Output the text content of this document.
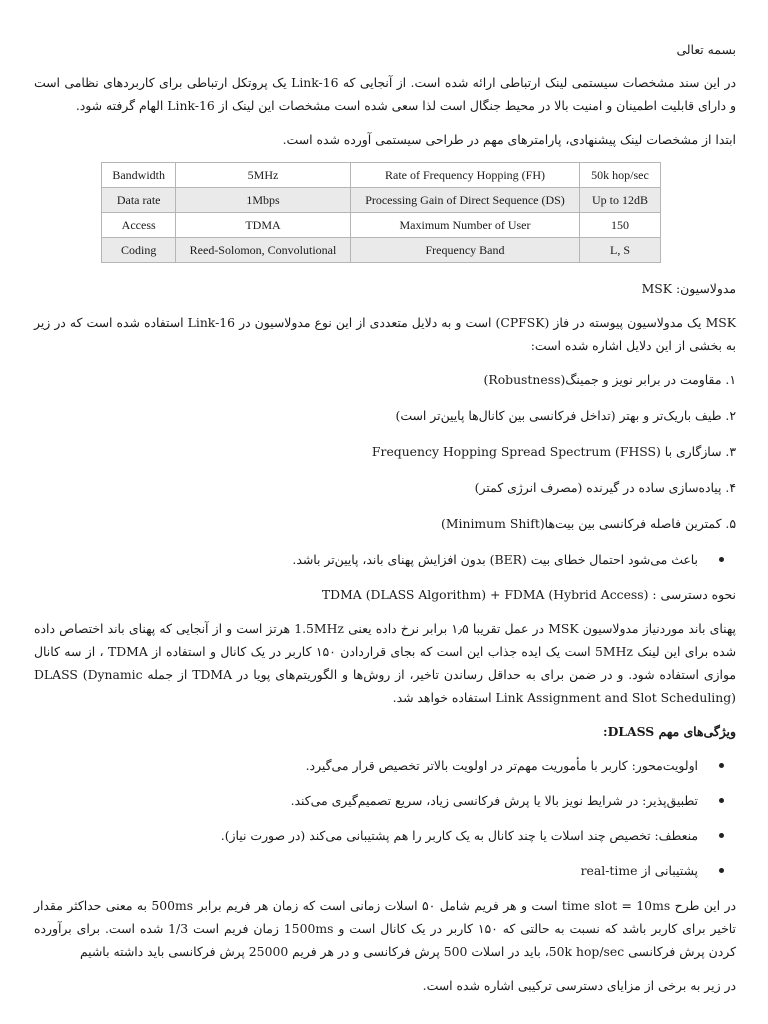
بسمه تعالی

در این سند مشخصات سیستمی لینک ارتباطی ارائه شده است. از آنجایی که Link-16 یک پروتکل ارتباطی برای کاربردهای نظامی است و دارای قابلیت اطمینان و امنیت بالا در محیط جنگال است لذا سعی شده است مشخصات این لینک از Link-16 الهام گرفته شود.

ابتدا از مشخصات لینک پیشنهادی، پارامترهای مهم در طراحی سیستمی آورده شده است.

Bandwidth	5MHz	Rate of Frequency Hopping (FH)	50k hop/sec
Data rate	1Mbps	Processing Gain of Direct Sequence (DS)	Up to 12dB
Access	TDMA	Maximum Number of User	150
Coding	Reed-Solomon, Convolutional	Frequency Band	L, S

مدولاسیون: MSK

MSK یک مدولاسیون پیوسته در فاز (CPFSK) است و به دلایل متعددی از این نوع مدولاسیون در Link-16 استفاده شده است که در زیر به بخشی از این دلایل اشاره شده است:

۱. مقاومت در برابر نویز و جمینگ(Robustness)

۲. طیف باریک‌تر و بهتر (تداخل فرکانسی بین کانال‌ها پایین‌تر است)

۳. سازگاری با Frequency Hopping Spread Spectrum (FHSS)

۴. پیاده‌سازی ساده در گیرنده (مصرف انرژی کمتر)

۵. کمترین فاصله فرکانسی بین بیت‌ها(Minimum Shift)

باعث می‌شود احتمال خطای بیت (BER) بدون افزایش پهنای باند، پایین‌تر باشد.

نحوه دسترسی : TDMA (DLASS Algorithm) + FDMA (Hybrid Access)

پهنای باند موردنیاز مدولاسیون MSK در عمل تقریبا ۱٫۵ برابر نرخ داده یعنی 1.5MHz هرتز است و از آنجایی که پهنای باند اختصاص داده شده برای این لینک 5MHz است یک ایده جذاب این است که بجای قراردادن ۱۵۰ کاربر در یک کانال و استفاده از TDMA ، از سه کانال موازی استفاده شود. و در ضمن برای به حداقل رساندن تاخیر، از روش‌ها و الگوریتم‌های پویا در TDMA از جمله DLASS (Dynamic Link Assignment and Slot Scheduling) استفاده خواهد شد.

ویژگی‌های مهم DLASS:

اولویت‌محور: کاربر با مأموریت مهم‌تر در اولویت بالاتر تخصیص قرار می‌گیرد.
تطبیق‌پذیر: در شرایط نویز بالا یا پرش فرکانسی زیاد، سریع تصمیم‌گیری می‌کند.
منعطف: تخصیص چند اسلات یا چند کانال به یک کاربر را هم پشتیبانی می‌کند (در صورت نیاز).
پشتیبانی از real-time

در این طرح time slot = 10ms است و هر فریم شامل ۵۰ اسلات زمانی است که زمان هر فریم برابر 500ms به معنی حداکثر مقدار تاخیر برای کاربر باشد که نسبت به حالتی که ۱۵۰ کاربر در یک کانال است و 1500ms زمان فریم است 1/3 شده است. برای برآورده کردن پرش فرکانسی 50k hop/sec، باید در اسلات 500 پرش فرکانسی و در هر فریم 25000 پرش فرکانسی باید داشته باشیم

در زیر به برخی از مزایای دسترسی ترکیبی اشاره شده است.
